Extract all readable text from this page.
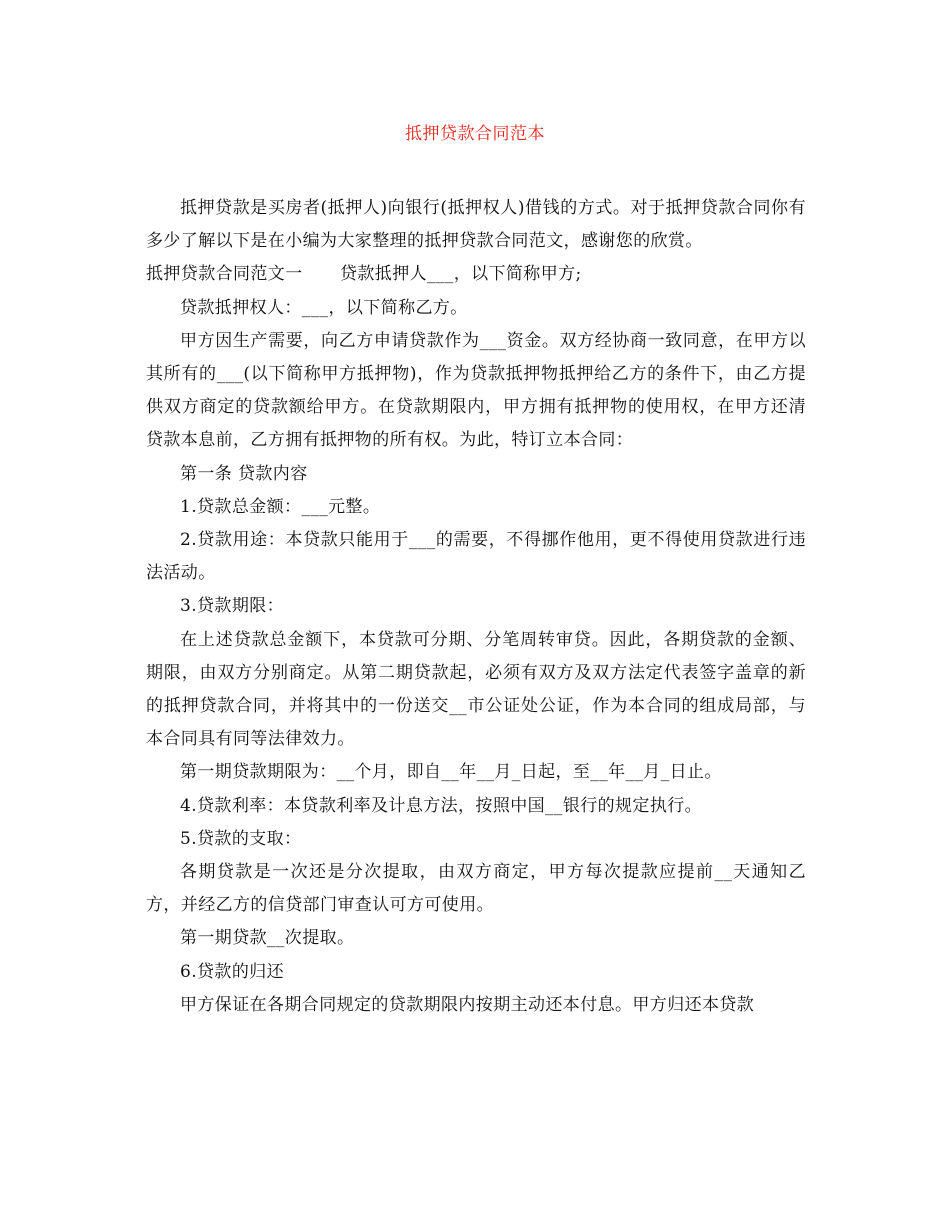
抵押贷款合同范本

抵押贷款是买房者(抵押人)向银行(抵押权人)借钱的方式。对于抵押贷款合同你有多少了解以下是在小编为大家整理的抵押贷款合同范文，感谢您的欣赏。

抵押贷款合同范文一 贷款抵押人___，以下简称甲方;

贷款抵押权人：___，以下简称乙方。

甲方因生产需要，向乙方申请贷款作为___资金。双方经协商一致同意，在甲方以其所有的___(以下简称甲方抵押物)，作为贷款抵押物抵押给乙方的条件下，由乙方提供双方商定的贷款额给甲方。在贷款期限内，甲方拥有抵押物的使用权，在甲方还清贷款本息前，乙方拥有抵押物的所有权。为此，特订立本合同：

第一条 贷款内容

1.贷款总金额：___元整。

2.贷款用途：本贷款只能用于___的需要，不得挪作他用，更不得使用贷款进行违法活动。

3.贷款期限：

在上述贷款总金额下，本贷款可分期、分笔周转审贷。因此，各期贷款的金额、期限，由双方分别商定。从第二期贷款起，必须有双方及双方法定代表签字盖章的新的抵押贷款合同，并将其中的一份送交__市公证处公证，作为本合同的组成局部，与本合同具有同等法律效力。

第一期贷款期限为：__个月，即自__年__月_日起，至__年__月_日止。

4.贷款利率：本贷款利率及计息方法，按照中国__银行的规定执行。

5.贷款的支取：

各期贷款是一次还是分次提取，由双方商定，甲方每次提款应提前__天通知乙方，并经乙方的信贷部门审查认可方可使用。

第一期贷款__次提取。

6.贷款的归还

甲方保证在各期合同规定的贷款期限内按期主动还本付息。甲方归还本贷款
